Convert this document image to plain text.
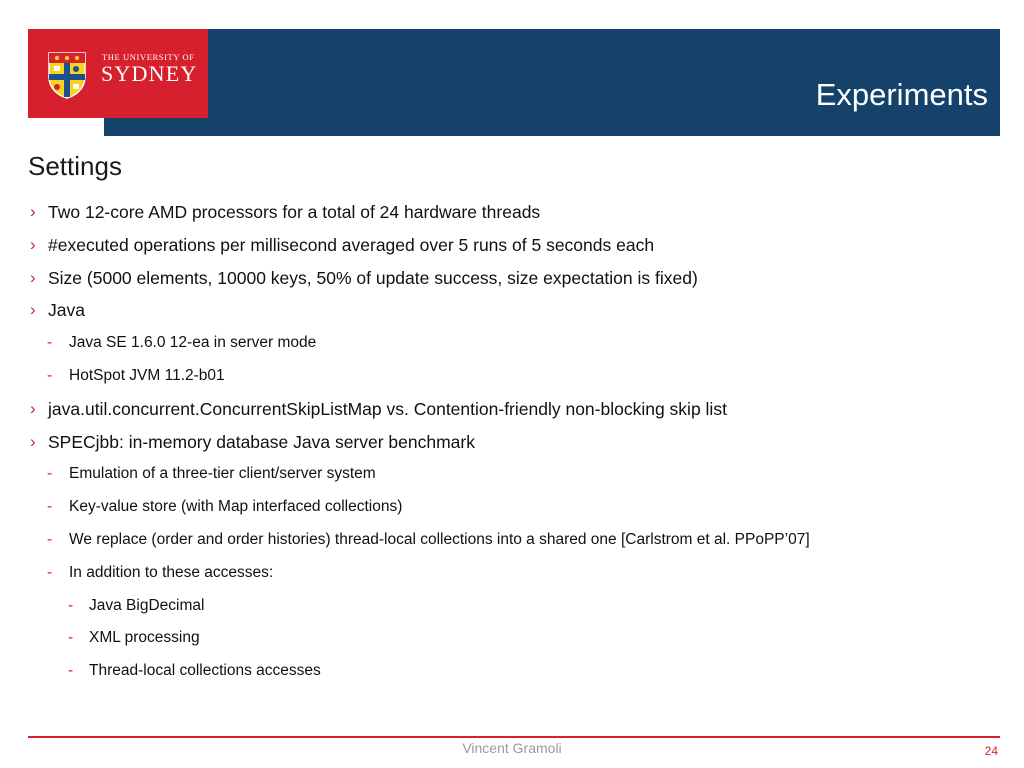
THE UNIVERSITY OF
SYDNEY
Experiments
Settings
› Two 12-core AMD processors for a total of 24 hardware threads
› #executed operations per millisecond averaged over 5 runs of 5 seconds each
› Size (5000 elements, 10000 keys, 50% of update success, size expectation is fixed)
› Java
- Java SE 1.6.0 12-ea in server mode
- HotSpot JVM 11.2-b01
› java.util.concurrent.ConcurrentSkipListMap vs. Contention-friendly non-blocking skip list
› SPECjbb: in-memory database Java server benchmark
- Emulation of a three-tier client/server system
- Key-value store (with Map interfaced collections)
- We replace (order and order histories) thread-local collections into a shared one [Carlstrom et al. PPoPP’07]
- In addition to these accesses:
- Java BigDecimal
- XML processing
- Thread-local collections accesses
Vincent Gramoli	24
